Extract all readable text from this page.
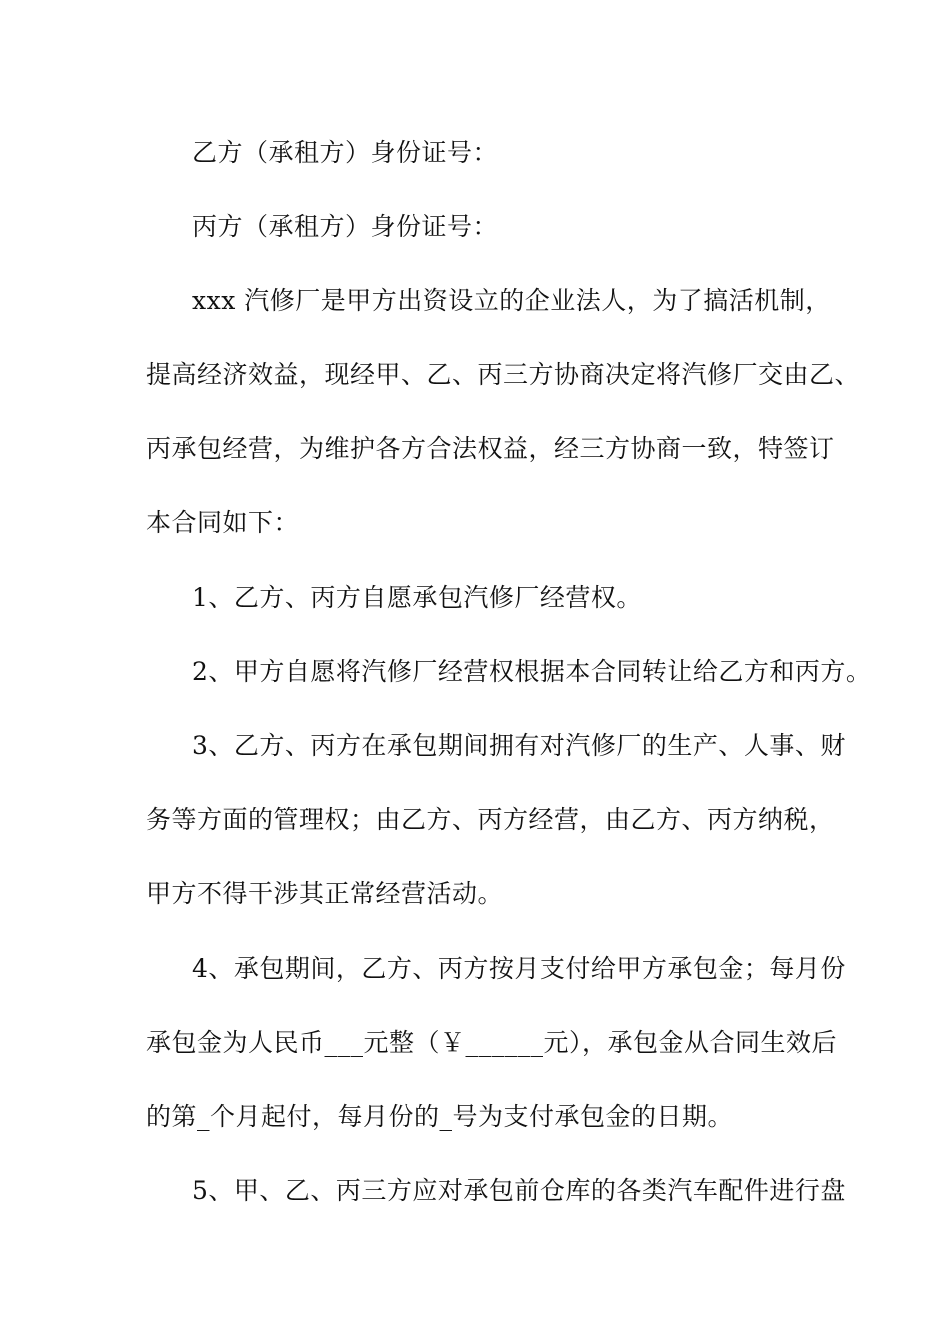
乙方（承租方）身份证号：
丙方（承租方）身份证号：
xxx 汽修厂是甲方出资设立的企业法人，为了搞活机制，
提高经济效益，现经甲、乙、丙三方协商决定将汽修厂交由乙、
丙承包经营，为维护各方合法权益，经三方协商一致，特签订
本合同如下：
1、乙方、丙方自愿承包汽修厂经营权。
2、甲方自愿将汽修厂经营权根据本合同转让给乙方和丙方。
3、乙方、丙方在承包期间拥有对汽修厂的生产、人事、财
务等方面的管理权；由乙方、丙方经营，由乙方、丙方纳税，
甲方不得干涉其正常经营活动。
4、承包期间，乙方、丙方按月支付给甲方承包金；每月份
承包金为人民币___元整（￥______元），承包金从合同生效后
的第_个月起付，每月份的_号为支付承包金的日期。
5、甲、乙、丙三方应对承包前仓库的各类汽车配件进行盘
